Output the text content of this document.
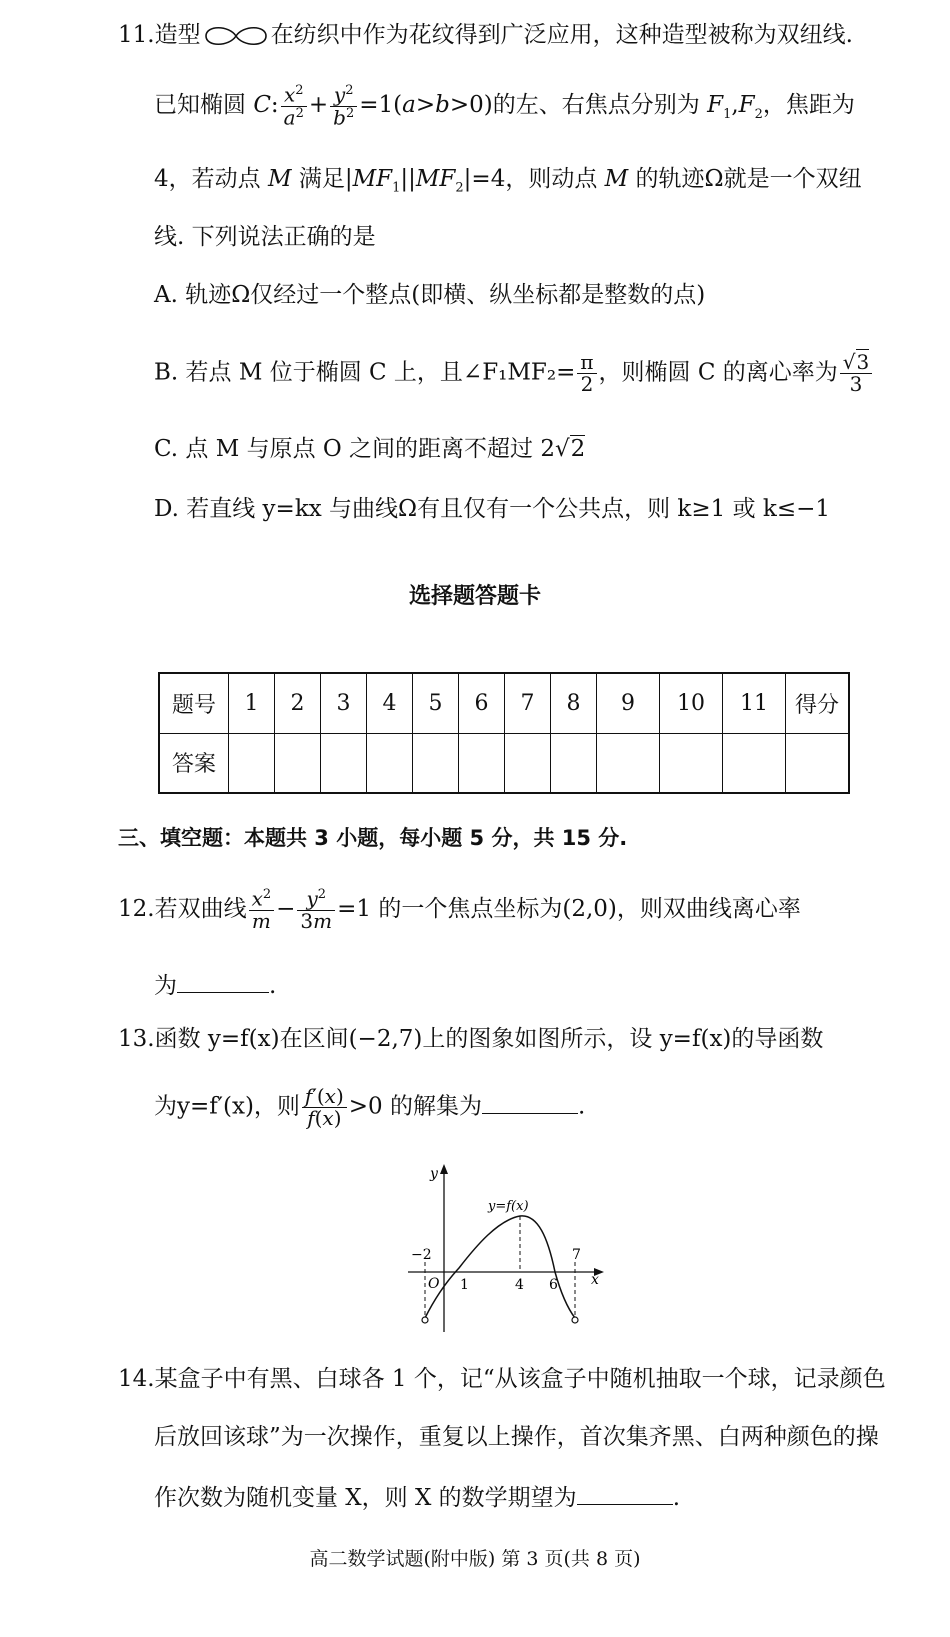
11.造型	在纺织中作为花纹得到广泛应用，这种造型被称为双纽线.
已知椭圆 C: $\frac{x^2}{a^2} + \frac{y^2}{b^2} =1(a>b>0)$的左、右焦点分别为 $F_1,F_2$，焦距为
4，若动点 M 满足$|MF_1||MF_2|=4$，则动点 M 的轨迹Ω就是一个双纽
线. 下列说法正确的是
A. 轨迹Ω仅经过一个整点(即横、纵坐标都是整数的点)
B. 若点 M 位于椭圆 C 上，且∠F₁MF₂= $\frac{\pi}{2}$ ，则椭圆 C 的离心率为 $\frac{√3}{3}$
C. 点 M 与原点 O 之间的距离不超过 2√2
D. 若直线 y=kx 与曲线Ω有且仅有一个公共点，则 k≥1 或 k≤−1
选择题答题卡
题号	1	2	3	4	5	6	7	8	9	10	11	得分
答案												
三、填空题：本题共 3 小题，每小题 5 分，共 15 分.
12.若双曲线 $\frac{x^2}{m} - \frac{y^2}{3m} =1$ 的一个焦点坐标为(2,0)，则双曲线离心率
为	.
13.函数 y=f(x)在区间(−2,7)上的图象如图所示，设 y=f(x)的导函数
为y=f′(x)，则 $\frac{f'(x)}{f(x)} >0$ 的解集为	.
y
x
y=f(x)
O
−2
1	4 6
7
14.某盒子中有黑、白球各 1 个，记“从该盒子中随机抽取一个球，记录颜色
后放回该球”为一次操作，重复以上操作，首次集齐黑、白两种颜色的操
作次数为随机变量 X，则 X 的数学期望为	.
高二数学试题(附中版) 第 3 页(共 8 页)
